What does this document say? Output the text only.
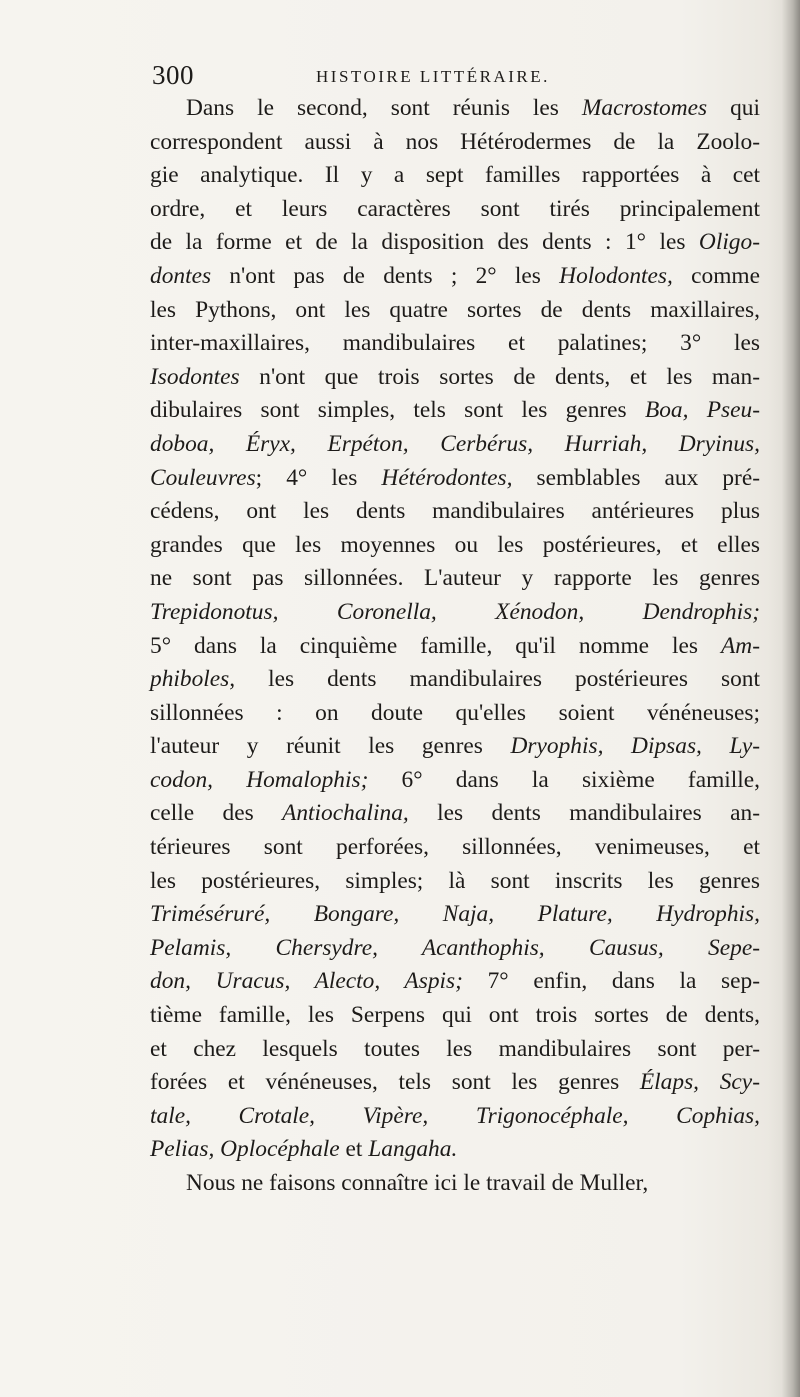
300	HISTOIRE LITTÉRAIRE.
Dans le second, sont réunis les Macrostomes qui
correspondent aussi à nos Hétérodermes de la Zoolo-
gie analytique. Il y a sept familles rapportées à cet
ordre, et leurs caractères sont tirés principalement
de la forme et de la disposition des dents : 1° les Oligo-
dontes n'ont pas de dents ; 2° les Holodontes, comme
les Pythons, ont les quatre sortes de dents maxillaires,
inter-maxillaires, mandibulaires et palatines; 3° les
Isodontes n'ont que trois sortes de dents, et les man-
dibulaires sont simples, tels sont les genres Boa, Pseu-
doboa, Éryx, Erpéton, Cerbérus, Hurriah, Dryinus,
Couleuvres; 4° les Hétérodontes, semblables aux pré-
cédens, ont les dents mandibulaires antérieures plus
grandes que les moyennes ou les postérieures, et elles
ne sont pas sillonnées. L'auteur y rapporte les genres
Trepidonotus, Coronella, Xénodon, Dendrophis;
5° dans la cinquième famille, qu'il nomme les Am-
phiboles, les dents mandibulaires postérieures sont
sillonnées : on doute qu'elles soient vénéneuses;
l'auteur y réunit les genres Dryophis, Dipsas, Ly-
codon, Homalophis; 6° dans la sixième famille,
celle des Antiochalina, les dents mandibulaires an-
térieures sont perforées, sillonnées, venimeuses, et
les postérieures, simples; là sont inscrits les genres
Triméséruré, Bongare, Naja, Plature, Hydrophis,
Pelamis, Chersydre, Acanthophis, Causus, Sepe-
don, Uracus, Alecto, Aspis; 7° enfin, dans la sep-
tième famille, les Serpens qui ont trois sortes de dents,
et chez lesquels toutes les mandibulaires sont per-
forées et vénéneuses, tels sont les genres Élaps, Scy-
tale, Crotale, Vipère, Trigonocéphale, Cophias,
Pelias, Oplocéphale et Langaha.
Nous ne faisons connaître ici le travail de Muller,
